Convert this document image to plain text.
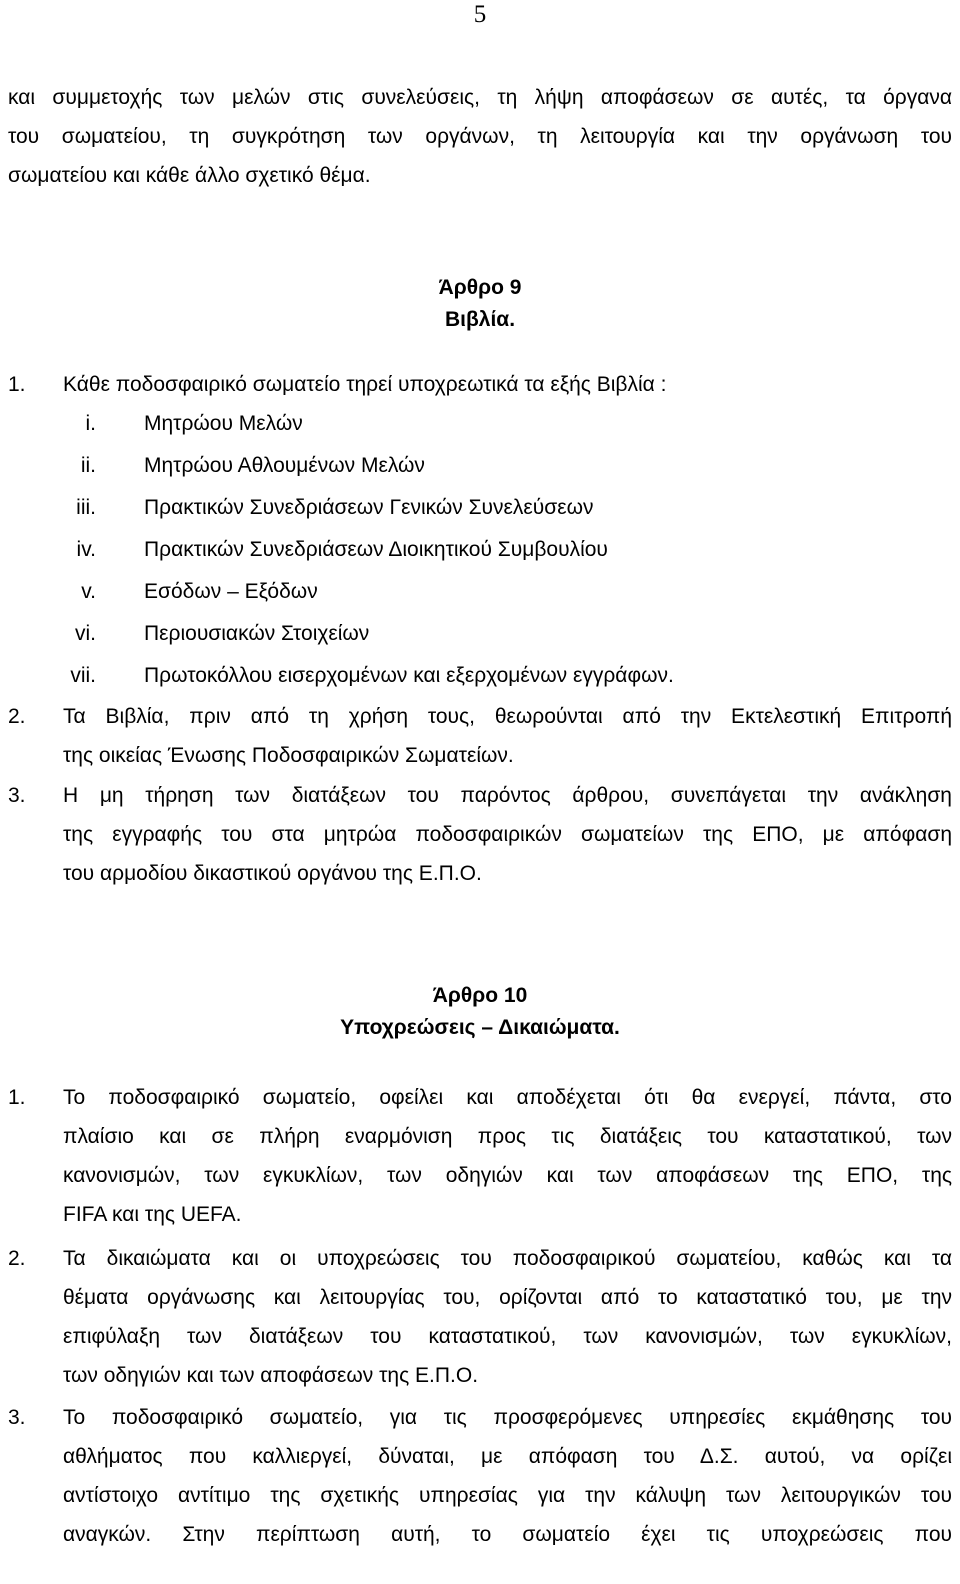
5
και συμμετοχής των μελών στις συνελεύσεις, τη λήψη αποφάσεων σε αυτές, τα όργανα
του σωματείου, τη συγκρότηση των οργάνων, τη λειτουργία και την οργάνωση του
σωματείου και κάθε άλλο σχετικό θέμα.
Άρθρο 9
Βιβλία.
1.	Κάθε ποδοσφαιρικό σωματείο τηρεί υποχρεωτικά τα εξής Βιβλία :
i. Μητρώου Μελών
ii. Μητρώου Αθλουμένων Μελών
iii. Πρακτικών Συνεδριάσεων Γενικών Συνελεύσεων
iv. Πρακτικών Συνεδριάσεων Διοικητικού Συμβουλίου
v. Εσόδων – Εξόδων
vi. Περιουσιακών Στοιχείων
vii. Πρωτοκόλλου εισερχομένων και εξερχομένων εγγράφων.
2.	Τα Βιβλία, πριν από τη χρήση τους, θεωρούνται από την Εκτελεστική Επιτροπή
της οικείας Ένωσης Ποδοσφαιρικών Σωματείων.
3.	Η μη τήρηση των διατάξεων του παρόντος άρθρου, συνεπάγεται την ανάκληση
της εγγραφής του στα μητρώα ποδοσφαιρικών σωματείων της ΕΠΟ, με απόφαση
του αρμοδίου δικαστικού οργάνου της Ε.Π.Ο.
Άρθρο 10
Υποχρεώσεις – Δικαιώματα.
1.	Το ποδοσφαιρικό σωματείο, οφείλει και αποδέχεται ότι θα ενεργεί, πάντα, στο
πλαίσιο και σε πλήρη εναρμόνιση προς τις διατάξεις του καταστατικού, των
κανονισμών, των εγκυκλίων, των οδηγιών και των αποφάσεων της ΕΠΟ, της
FIFA και της UEFA.
2.	Τα δικαιώματα και οι υποχρεώσεις του ποδοσφαιρικού σωματείου, καθώς και τα
θέματα οργάνωσης και λειτουργίας του, ορίζονται από το καταστατικό του, με την
επιφύλαξη των διατάξεων του καταστατικού, των κανονισμών, των εγκυκλίων,
των οδηγιών και των αποφάσεων της Ε.Π.Ο.
3.	Το ποδοσφαιρικό σωματείο, για τις προσφερόμενες υπηρεσίες εκμάθησης του
αθλήματος που καλλιεργεί, δύναται, με απόφαση του Δ.Σ. αυτού, να ορίζει
αντίστοιχο αντίτιμο της σχετικής υπηρεσίας για την κάλυψη των λειτουργικών του
αναγκών. Στην περίπτωση αυτή, το σωματείο έχει τις υποχρεώσεις που
